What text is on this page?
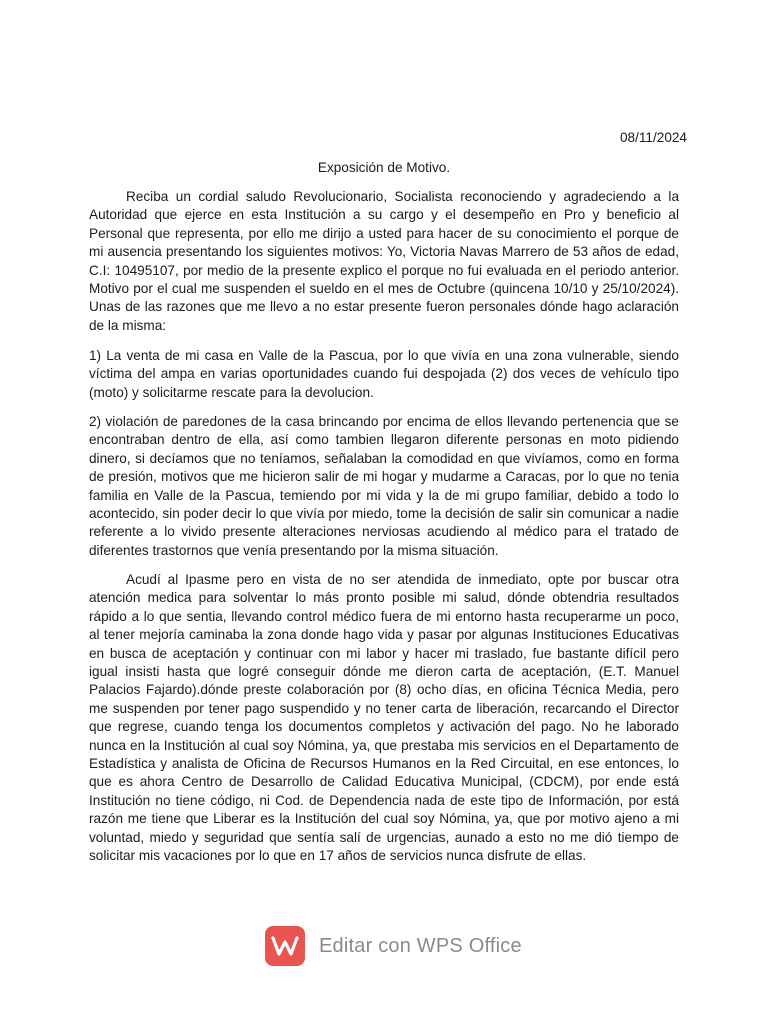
08/11/2024
Exposición de Motivo.

Reciba un cordial saludo Revolucionario, Socialista reconociendo y agradeciendo a la Autoridad que ejerce en esta Institución a su cargo y el desempeño en Pro y beneficio al Personal que representa, por ello me dirijo a usted para hacer de su conocimiento el porque de mi ausencia presentando los siguientes motivos: Yo, Victoria Navas Marrero de 53 años de edad, C.I: 10495107, por medio de la presente explico el porque no fui evaluada en el periodo anterior. Motivo por el cual me suspenden el sueldo en el mes de Octubre (quincena 10/10 y 25/10/2024). Unas de las razones que me llevo a no estar presente fueron personales dónde hago aclaración de la misma:

1) La venta de mi casa en Valle de la Pascua, por lo que vivía en una zona vulnerable, siendo víctima del ampa en varias oportunidades cuando fui despojada (2) dos veces de vehículo tipo (moto) y solicitarme rescate para la devolucion.

2) violación de paredones de la casa brincando por encima de ellos llevando pertenencia que se encontraban dentro de ella, así como tambien llegaron diferente personas en moto pidiendo dinero, si decíamos que no teníamos, señalaban la comodidad en que vivíamos, como en forma de presión, motivos que me hicieron salir de mi hogar y mudarme a Caracas, por lo que no tenia familia en Valle de la Pascua, temiendo por mi vida y la de mi grupo familiar, debido a todo lo acontecido, sin poder decir lo que vivía por miedo, tome la decisión de salir sin comunicar a nadie referente a lo vivido presente alteraciones nerviosas acudiendo al médico para el tratado de diferentes trastornos que venía presentando por la misma situación.

Acudí al Ipasme pero en vista de no ser atendida de inmediato, opte por buscar otra atención medica para solventar lo más pronto posible mi salud, dónde obtendria resultados rápido a lo que sentia, llevando control médico fuera de mi entorno hasta recuperarme un poco, al tener mejoría caminaba la zona donde hago vida y pasar por algunas Instituciones Educativas en busca de aceptación y continuar con mi labor y hacer mi traslado, fue bastante difícil pero igual insisti hasta que logré conseguir dónde me dieron carta de aceptación, (E.T. Manuel Palacios Fajardo).dónde preste colaboración por (8) ocho días, en oficina Técnica Media, pero me suspenden por tener pago suspendido y no tener carta de liberación, recarcando el Director que regrese, cuando tenga los documentos completos y activación del pago. No he laborado nunca en la Institución al cual soy Nómina, ya, que prestaba mis servicios en el Departamento de Estadística y analista de Oficina de Recursos Humanos en la Red Circuital, en ese entonces, lo que es ahora Centro de Desarrollo de Calidad Educativa Municipal, (CDCM), por ende está Institución no tiene código, ni Cod. de Dependencia nada de este tipo de Información, por está razón me tiene que Liberar es la Institución del cual soy Nómina, ya, que por motivo ajeno a mi voluntad, miedo y seguridad que sentía salí de urgencias, aunado a esto no me dió tiempo de solicitar mis vacaciones por lo que en 17 años de servicios nunca disfrute de ellas.

Editar con WPS Office
